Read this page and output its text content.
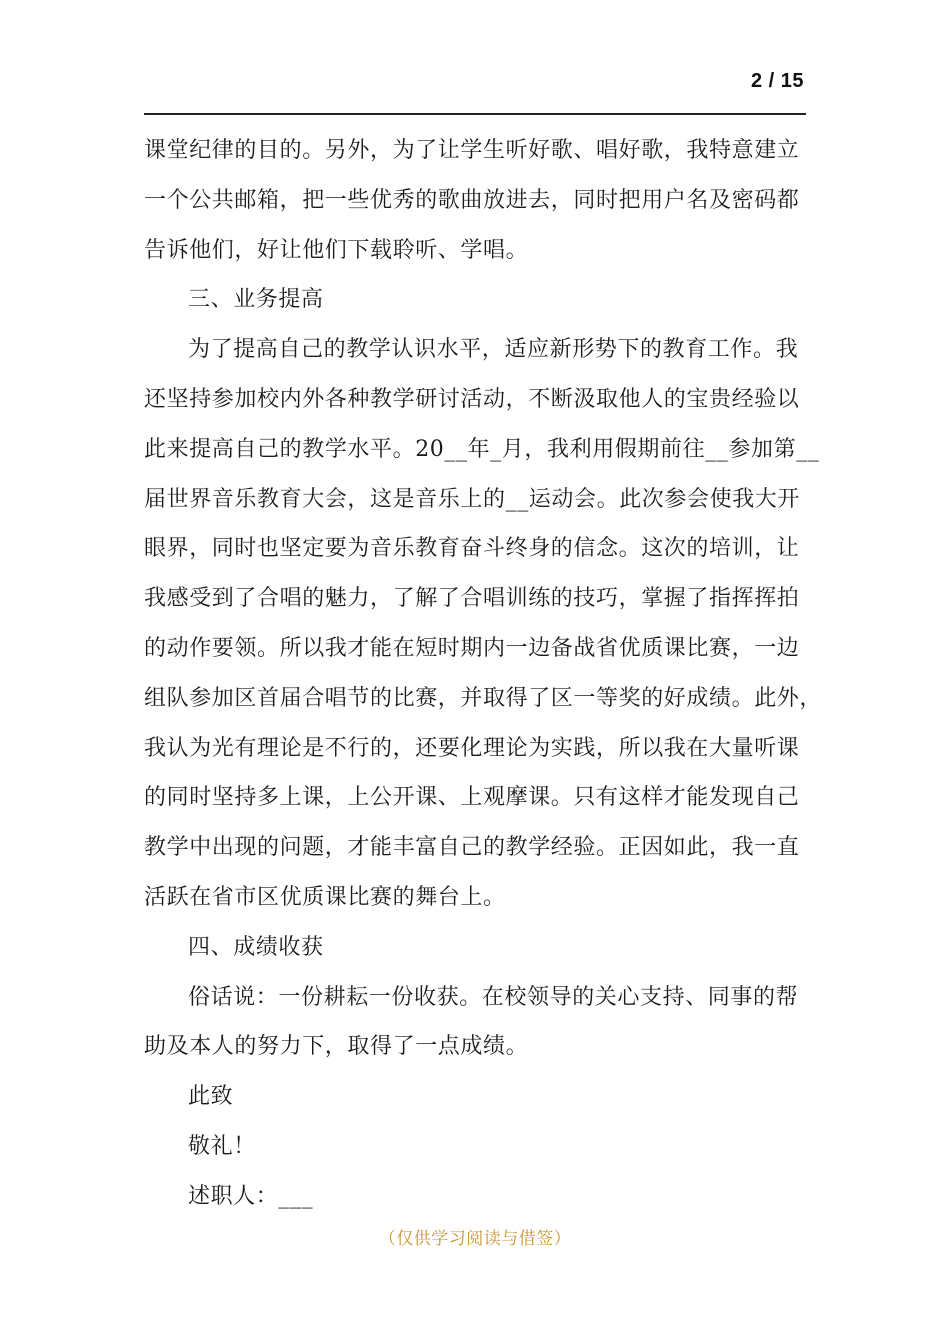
2 / 15
课堂纪律的目的。另外，为了让学生听好歌、唱好歌，我特意建立
一个公共邮箱，把一些优秀的歌曲放进去，同时把用户名及密码都
告诉他们，好让他们下载聆听、学唱。
三、业务提高
为了提高自己的教学认识水平，适应新形势下的教育工作。我
还坚持参加校内外各种教学研讨活动，不断汲取他人的宝贵经验以
此来提高自己的教学水平。20__年_月，我利用假期前往__参加第__
届世界音乐教育大会，这是音乐上的__运动会。此次参会使我大开
眼界，同时也坚定要为音乐教育奋斗终身的信念。这次的培训，让
我感受到了合唱的魅力，了解了合唱训练的技巧，掌握了指挥挥拍
的动作要领。所以我才能在短时期内一边备战省优质课比赛，一边
组队参加区首届合唱节的比赛，并取得了区一等奖的好成绩。此外，
我认为光有理论是不行的，还要化理论为实践，所以我在大量听课
的同时坚持多上课，上公开课、上观摩课。只有这样才能发现自己
教学中出现的问题，才能丰富自己的教学经验。正因如此，我一直
活跃在省市区优质课比赛的舞台上。
四、成绩收获
俗话说：一份耕耘一份收获。在校领导的关心支持、同事的帮
助及本人的努力下，取得了一点成绩。
此致
敬礼！
述职人：___
（仅供学习阅读与借签）
